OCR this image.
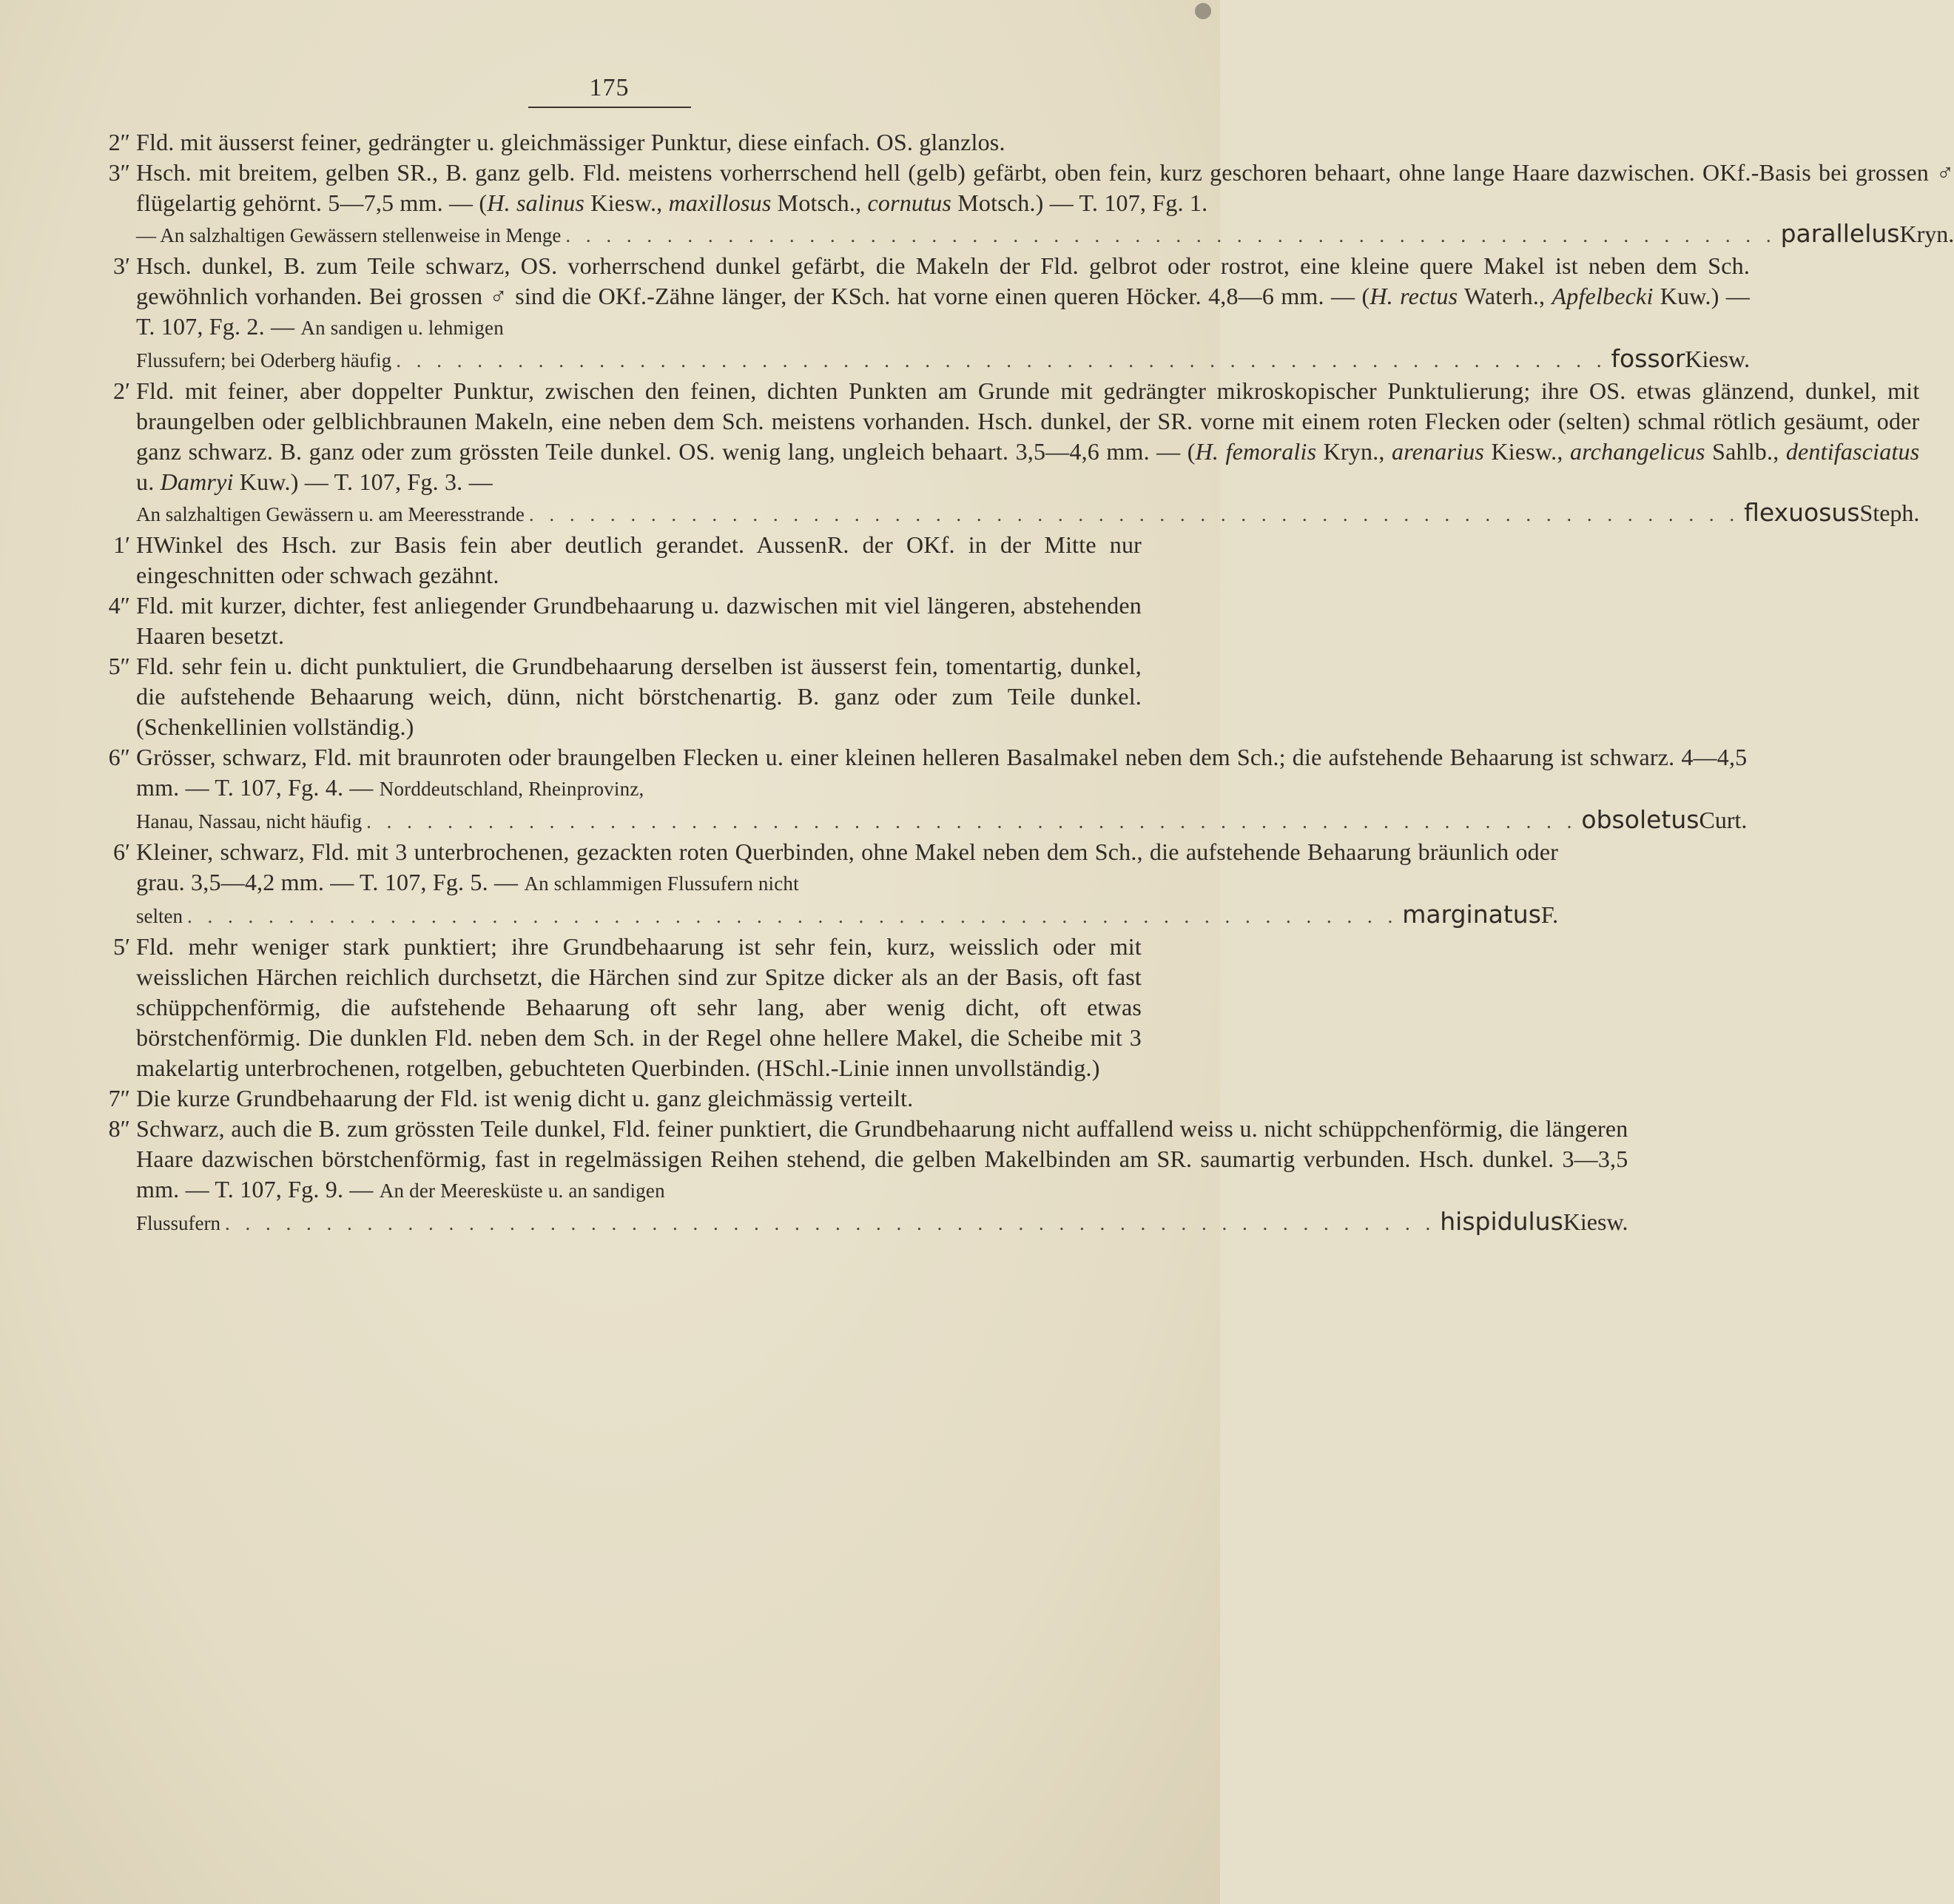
175
2″ Fld. mit äusserst feiner, gedrängter u. gleichmässiger Punktur, diese einfach. OS. glanzlos.
3″ Hsch. mit breitem, gelben SR., B. ganz gelb. Fld. meistens vorherrschend hell (gelb) gefärbt, oben fein, kurz geschoren behaart, ohne lange Haare dazwischen. OKf.-Basis bei grossen ♂ flügelartig gehörnt. 5—7,5 mm. — (H. salinus Kiesw., maxillosus Motsch., cornutus Motsch.) — T. 107, Fg. 1.
— An salzhaltigen Gewässern stellenweise in Menge . . .	parallelus Kryn.
3′ Hsch. dunkel, B. zum Teile schwarz, OS. vorherrschend dunkel gefärbt, die Makeln der Fld. gelbrot oder rostrot, eine kleine quere Makel ist neben dem Sch. gewöhnlich vorhanden. Bei grossen ♂ sind die OKf.-Zähne länger, der KSch. hat vorne einen queren Höcker. 4,8—6 mm. — (H. rectus Waterh., Apfelbecki Kuw.) — T. 107, Fg. 2. — An sandigen u. lehmigen
Flussufern; bei Oderberg häufig . . .	fossor Kiesw.
2′ Fld. mit feiner, aber doppelter Punktur, zwischen den feinen, dichten Punkten am Grunde mit gedrängter mikroskopischer Punktulierung; ihre OS. etwas glänzend, dunkel, mit braungelben oder gelblichbraunen Makeln, eine neben dem Sch. meistens vorhanden. Hsch. dunkel, der SR. vorne mit einem roten Flecken oder (selten) schmal rötlich gesäumt, oder ganz schwarz. B. ganz oder zum grössten Teile dunkel. OS. wenig lang, ungleich behaart. 3,5—4,6 mm. — (H. femoralis Kryn., arenarius Kiesw., archangelicus Sahlb., dentifasciatus u. Damryi Kuw.) — T. 107, Fg. 3. —
An salzhaltigen Gewässern u. am Meeresstrande . . .	flexuosus Steph.
1′ HWinkel des Hsch. zur Basis fein aber deutlich gerandet. AussenR. der OKf. in der Mitte nur eingeschnitten oder schwach gezähnt.
4″ Fld. mit kurzer, dichter, fest anliegender Grundbehaarung u. dazwischen mit viel längeren, abstehenden Haaren besetzt.
5″ Fld. sehr fein u. dicht punktuliert, die Grundbehaarung derselben ist äusserst fein, tomentartig, dunkel, die aufstehende Behaarung weich, dünn, nicht börstchenartig. B. ganz oder zum Teile dunkel. (Schenkellinien vollständig.)
6″ Grösser, schwarz, Fld. mit braunroten oder braungelben Flecken u. einer kleinen helleren Basalmakel neben dem Sch.; die aufstehende Behaarung ist schwarz. 4—4,5 mm. — T. 107, Fg. 4. — Norddeutschland, Rheinprovinz,
Hanau, Nassau, nicht häufig . . .	obsoletus Curt.
6′ Kleiner, schwarz, Fld. mit 3 unterbrochenen, gezackten roten Querbinden, ohne Makel neben dem Sch., die aufstehende Behaarung bräunlich oder grau. 3,5—4,2 mm. — T. 107, Fg. 5. — An schlammigen Flussufern nicht
selten . . .	marginatus F.
5′ Fld. mehr weniger stark punktiert; ihre Grundbehaarung ist sehr fein, kurz, weisslich oder mit weisslichen Härchen reichlich durchsetzt, die Härchen sind zur Spitze dicker als an der Basis, oft fast schüppchenförmig, die aufstehende Behaarung oft sehr lang, aber wenig dicht, oft etwas börstchenförmig. Die dunklen Fld. neben dem Sch. in der Regel ohne hellere Makel, die Scheibe mit 3 makelartig unterbrochenen, rotgelben, gebuchteten Querbinden. (HSchl.-Linie innen unvollständig.)
7″ Die kurze Grundbehaarung der Fld. ist wenig dicht u. ganz gleichmässig verteilt.
8″ Schwarz, auch die B. zum grössten Teile dunkel, Fld. feiner punktiert, die Grundbehaarung nicht auffallend weiss u. nicht schüppchenförmig, die längeren Haare dazwischen börstchenförmig, fast in regelmässigen Reihen stehend, die gelben Makelbinden am SR. saumartig verbunden. Hsch. dunkel. 3—3,5 mm. — T. 107, Fg. 9. — An der Meeresküste u. an sandigen
Flussufern . . .	hispidulus Kiesw.
